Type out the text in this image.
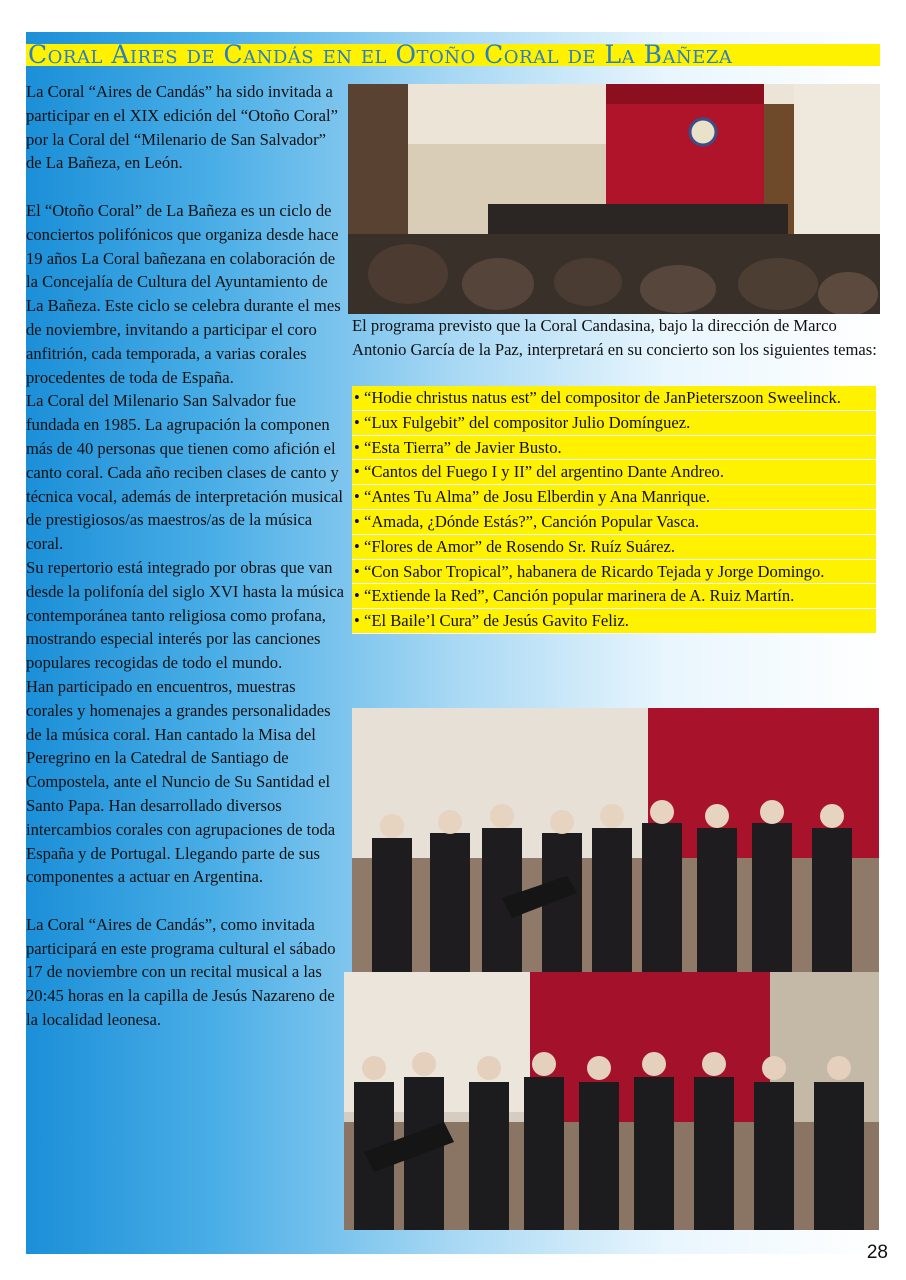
Coral Aires de Candás en el Otoño Coral de La Bañeza

La Coral “Aires de Candás” ha sido invitada a participar en el XIX edición del “Otoño Coral” por la Coral del “Milenario de San Salvador” de La Bañeza, en León.

El “Otoño Coral” de La Bañeza es un ciclo de conciertos polifónicos que organiza desde hace 19 años La Coral bañezana en colaboración de la Concejalía de Cultura del Ayuntamiento de La Bañeza. Este ciclo se celebra durante el mes de noviembre, invitando a participar el coro anfitrión, cada temporada, a varias corales procedentes de toda de España.

La Coral del Milenario San Salvador fue fundada en 1985. La agrupación la componen más de 40 personas que tienen como afición el canto coral. Cada año reciben clases de canto y técnica vocal, además de interpretación musical de prestigiosos/as maestros/as de la música coral.

Su repertorio está integrado por obras que van desde la polifonía del siglo XVI hasta la música contemporánea tanto religiosa como profana, mostrando especial interés por las canciones populares recogidas de todo el mundo.

Han participado en encuentros, muestras corales y homenajes a grandes personalidades de la música coral. Han cantado la Misa del Peregrino en la Catedral de Santiago de Compostela, ante el Nuncio de Su Santidad el Santo Papa. Han desarrollado diversos intercambios corales con agrupaciones de toda España y de Portugal. Llegando parte de sus componentes a actuar en Argentina.

La Coral “Aires de Candás”, como invitada participará en este programa cultural el sábado 17 de noviembre con un recital musical a las 20:45 horas en la capilla de Jesús Nazareno de la localidad leonesa.

El programa previsto que la Coral Candasina, bajo la dirección de Marco Antonio García de la Paz, interpretará en su concierto son los siguientes temas:
• “Hodie christus natus est” del compositor de JanPieterszoon Sweelinck.
• “Lux Fulgebit” del compositor Julio Domínguez.
• “Esta Tierra” de Javier Busto.
• “Cantos del Fuego I y II” del argentino Dante Andreo.
• “Antes Tu Alma” de Josu Elberdin y Ana Manrique.
• “Amada, ¿Dónde Estás?”, Canción Popular Vasca.
• “Flores de Amor” de Rosendo Sr. Ruíz Suárez.
• “Con Sabor Tropical”, habanera de Ricardo Tejada y Jorge Domingo.
• “Extiende la Red”, Canción popular marinera de A. Ruiz Martín.
• “El Baile’l Cura” de Jesús Gavito Feliz.
28
